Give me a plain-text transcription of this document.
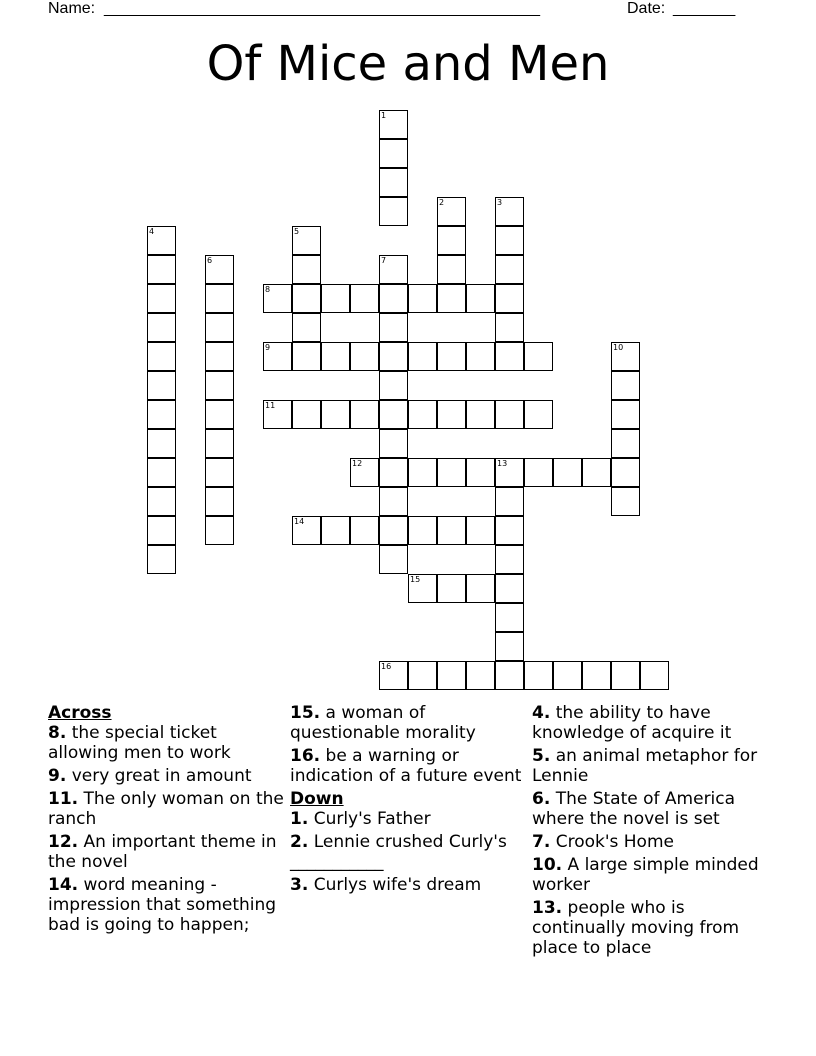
Name: _________________________________________________	Date: _______
Of Mice and Men
1
2	3
4	5
6	7
8
9	10
11
12	13
14
15
16
Across
8. the special ticket allowing men to work
9. very great in amount
11. The only woman on the ranch
12. An important theme in the novel
14. word meaning - impression that something bad is going to happen;
15. a woman of questionable morality
16. be a warning or indication of a future event
Down
1. Curly's Father
2. Lennie crushed Curly's ___________
3. Curlys wife's dream
4. the ability to have knowledge of acquire it
5. an animal metaphor for Lennie
6. The State of America where the novel is set
7. Crook's Home
10. A large simple minded worker
13. people who is continually moving from place to place
